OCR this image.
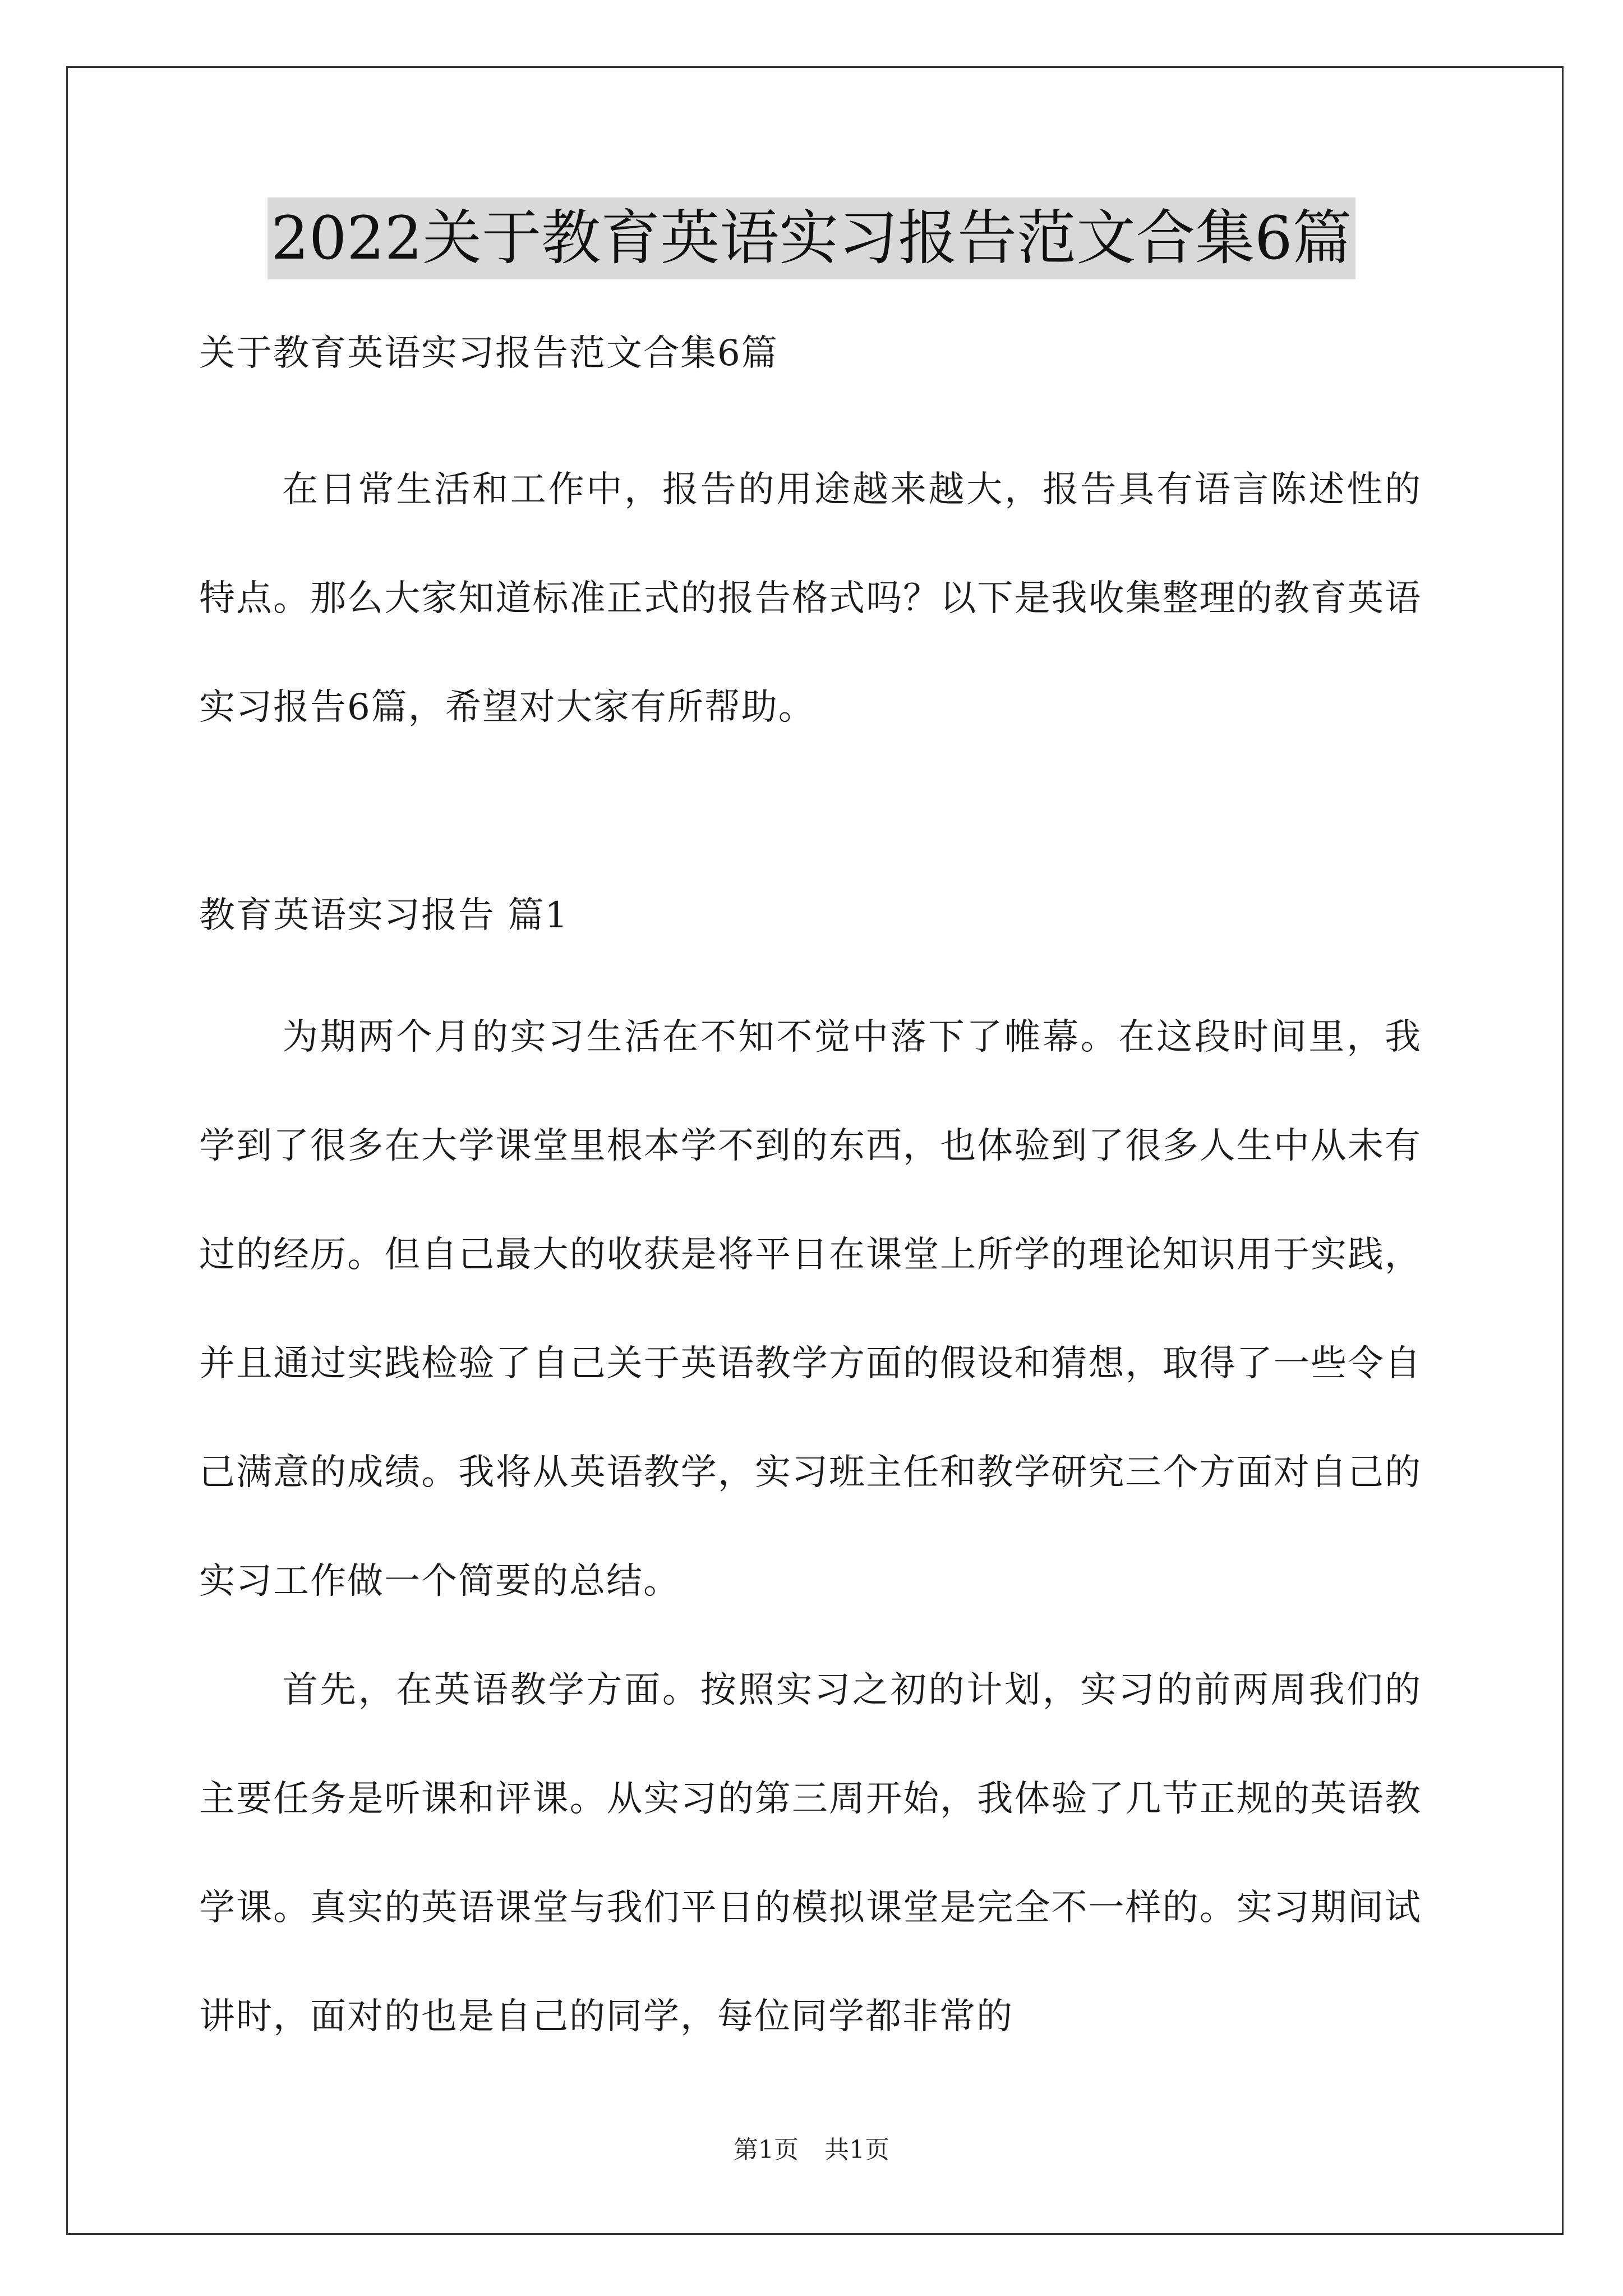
2022关于教育英语实习报告范文合集6篇
关于教育英语实习报告范文合集6篇

在日常生活和工作中，报告的用途越来越大，报告具有语言陈述性的特点。那么大家知道标准正式的报告格式吗？以下是我收集整理的教育英语实习报告6篇，希望对大家有所帮助。

教育英语实习报告 篇1

为期两个月的实习生活在不知不觉中落下了帷幕。在这段时间里，我学到了很多在大学课堂里根本学不到的东西，也体验到了很多人生中从未有过的经历。但自己最大的收获是将平日在课堂上所学的理论知识用于实践，并且通过实践检验了自己关于英语教学方面的假设和猜想，取得了一些令自己满意的成绩。我将从英语教学，实习班主任和教学研究三个方面对自己的实习工作做一个简要的总结。

首先，在英语教学方面。按照实习之初的计划，实习的前两周我们的主要任务是听课和评课。从实习的第三周开始，我体验了几节正规的英语教学课。真实的英语课堂与我们平日的模拟课堂是完全不一样的。实习期间试讲时，面对的也是自己的同学，每位同学都非常的

第1页 共1页
